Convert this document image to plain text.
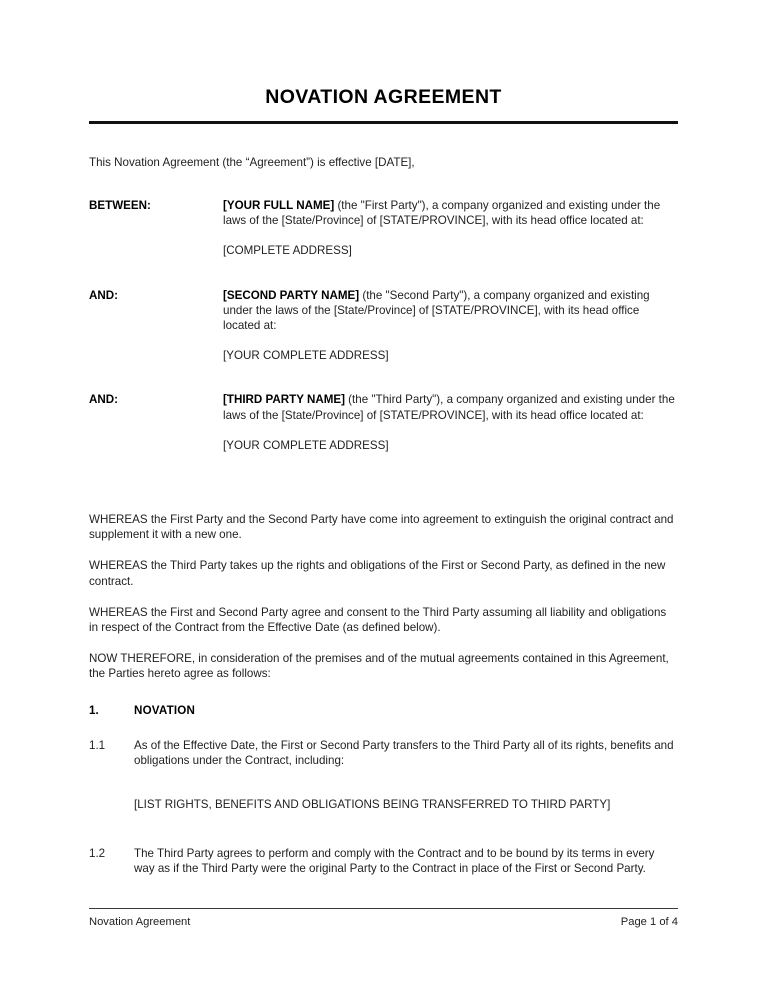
NOVATION AGREEMENT
This Novation Agreement (the “Agreement”) is effective [DATE],
BETWEEN:	[YOUR FULL NAME] (the "First Party"), a company organized and existing under the laws of the [State/Province] of [STATE/PROVINCE], with its head office located at:
[COMPLETE ADDRESS]
AND:	[SECOND PARTY NAME] (the "Second Party"), a company organized and existing under the laws of the [State/Province] of [STATE/PROVINCE], with its head office located at:
[YOUR COMPLETE ADDRESS]
AND:	[THIRD PARTY NAME] (the "Third Party"), a company organized and existing under the laws of the [State/Province] of [STATE/PROVINCE], with its head office located at:
[YOUR COMPLETE ADDRESS]
WHEREAS the First Party and the Second Party have come into agreement to extinguish the original contract and supplement it with a new one.
WHEREAS the Third Party takes up the rights and obligations of the First or Second Party, as defined in the new contract.
WHEREAS the First and Second Party agree and consent to the Third Party assuming all liability and obligations in respect of the Contract from the Effective Date (as defined below).
NOW THEREFORE, in consideration of the premises and of the mutual agreements contained in this Agreement, the Parties hereto agree as follows:
1.	NOVATION
1.1	As of the Effective Date, the First or Second Party transfers to the Third Party all of its rights, benefits and obligations under the Contract, including:
[LIST RIGHTS, BENEFITS AND OBLIGATIONS BEING TRANSFERRED TO THIRD PARTY]
1.2	The Third Party agrees to perform and comply with the Contract and to be bound by its terms in every way as if the Third Party were the original Party to the Contract in place of the First or Second Party.
Novation Agreement	Page 1 of 4
